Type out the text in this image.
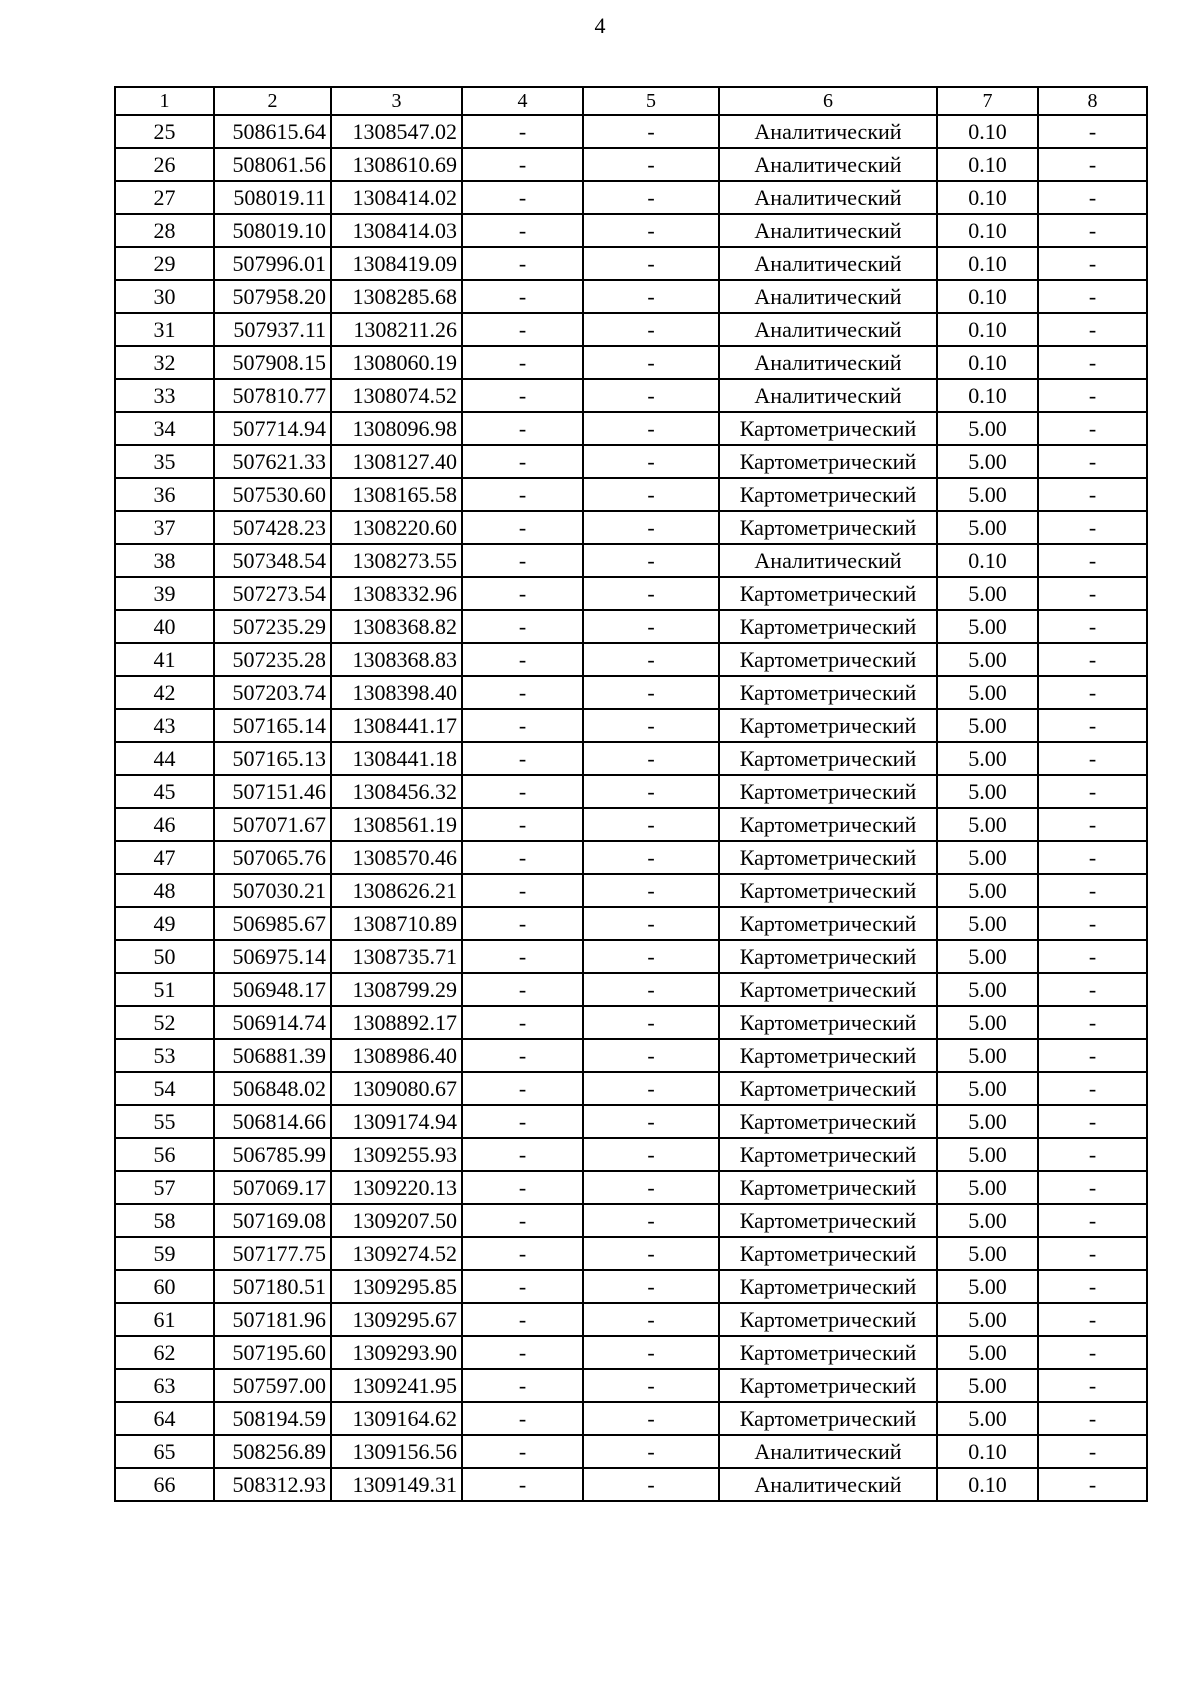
4
1	2	3	4	5	6	7	8
25	508615.64	1308547.02	-	-	Аналитический	0.10	-
26	508061.56	1308610.69	-	-	Аналитический	0.10	-
27	508019.11	1308414.02	-	-	Аналитический	0.10	-
28	508019.10	1308414.03	-	-	Аналитический	0.10	-
29	507996.01	1308419.09	-	-	Аналитический	0.10	-
30	507958.20	1308285.68	-	-	Аналитический	0.10	-
31	507937.11	1308211.26	-	-	Аналитический	0.10	-
32	507908.15	1308060.19	-	-	Аналитический	0.10	-
33	507810.77	1308074.52	-	-	Аналитический	0.10	-
34	507714.94	1308096.98	-	-	Картометрический	5.00	-
35	507621.33	1308127.40	-	-	Картометрический	5.00	-
36	507530.60	1308165.58	-	-	Картометрический	5.00	-
37	507428.23	1308220.60	-	-	Картометрический	5.00	-
38	507348.54	1308273.55	-	-	Аналитический	0.10	-
39	507273.54	1308332.96	-	-	Картометрический	5.00	-
40	507235.29	1308368.82	-	-	Картометрический	5.00	-
41	507235.28	1308368.83	-	-	Картометрический	5.00	-
42	507203.74	1308398.40	-	-	Картометрический	5.00	-
43	507165.14	1308441.17	-	-	Картометрический	5.00	-
44	507165.13	1308441.18	-	-	Картометрический	5.00	-
45	507151.46	1308456.32	-	-	Картометрический	5.00	-
46	507071.67	1308561.19	-	-	Картометрический	5.00	-
47	507065.76	1308570.46	-	-	Картометрический	5.00	-
48	507030.21	1308626.21	-	-	Картометрический	5.00	-
49	506985.67	1308710.89	-	-	Картометрический	5.00	-
50	506975.14	1308735.71	-	-	Картометрический	5.00	-
51	506948.17	1308799.29	-	-	Картометрический	5.00	-
52	506914.74	1308892.17	-	-	Картометрический	5.00	-
53	506881.39	1308986.40	-	-	Картометрический	5.00	-
54	506848.02	1309080.67	-	-	Картометрический	5.00	-
55	506814.66	1309174.94	-	-	Картометрический	5.00	-
56	506785.99	1309255.93	-	-	Картометрический	5.00	-
57	507069.17	1309220.13	-	-	Картометрический	5.00	-
58	507169.08	1309207.50	-	-	Картометрический	5.00	-
59	507177.75	1309274.52	-	-	Картометрический	5.00	-
60	507180.51	1309295.85	-	-	Картометрический	5.00	-
61	507181.96	1309295.67	-	-	Картометрический	5.00	-
62	507195.60	1309293.90	-	-	Картометрический	5.00	-
63	507597.00	1309241.95	-	-	Картометрический	5.00	-
64	508194.59	1309164.62	-	-	Картометрический	5.00	-
65	508256.89	1309156.56	-	-	Аналитический	0.10	-
66	508312.93	1309149.31	-	-	Аналитический	0.10	-
